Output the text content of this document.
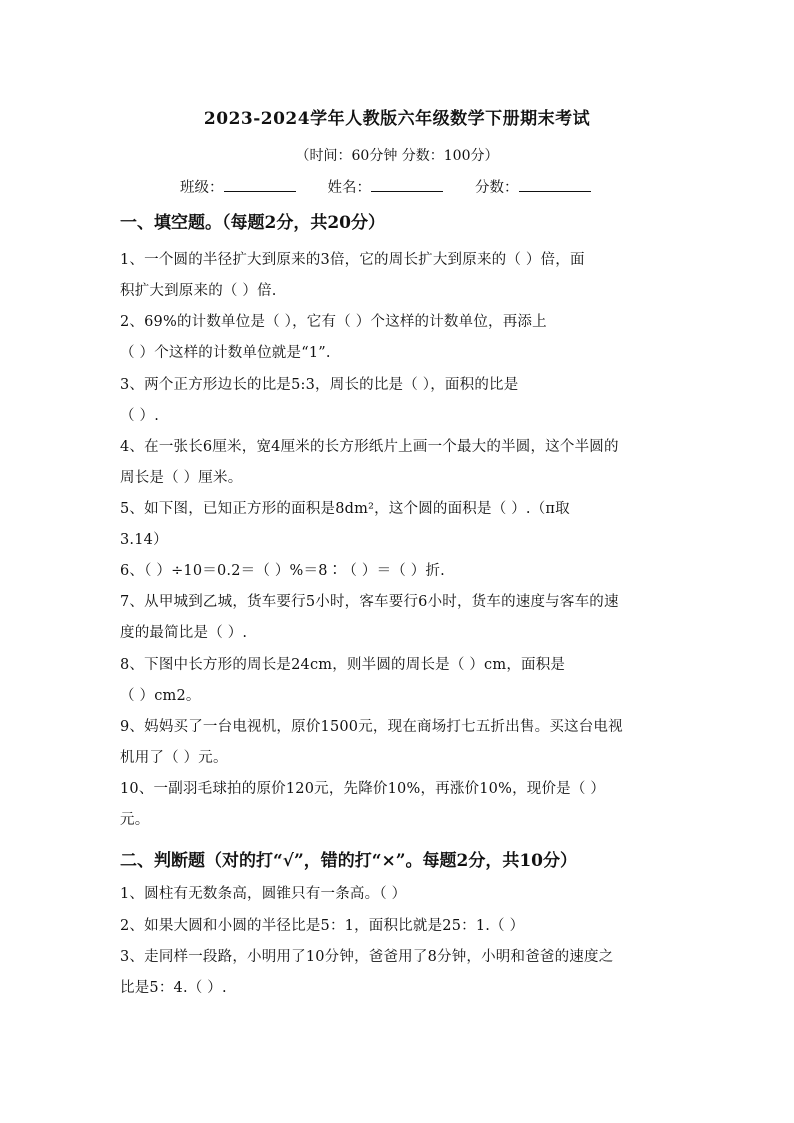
2023-2024学年人教版六年级数学下册期末考试
（时间：60分钟 分数：100分）
班级：	姓名：	分数：
一、填空题。（每题2分，共20分）
1、一个圆的半径扩大到原来的3倍，它的周长扩大到原来的（ ）倍，面
积扩大到原来的（ ）倍.
2、69%的计数单位是（ ），它有（ ）个这样的计数单位，再添上
（ ）个这样的计数单位就是“1”.
3、两个正方形边长的比是5:3，周长的比是（ ），面积的比是
（ ）.
4、在一张长6厘米，宽4厘米的长方形纸片上画一个最大的半圆，这个半圆的
周长是（ ）厘米。
5、如下图，已知正方形的面积是8dm²，这个圆的面积是（ ）.（π取
3.14）
6、（ ）÷10＝0.2＝（ ）%＝8∶（ ）＝（ ）折.
7、从甲城到乙城，货车要行5小时，客车要行6小时，货车的速度与客车的速
度的最简比是（ ）.
8、下图中长方形的周长是24cm，则半圆的周长是（ ）cm，面积是
（ ）cm2。
9、妈妈买了一台电视机，原价1500元，现在商场打七五折出售。买这台电视
机用了（ ）元。
10、一副羽毛球拍的原价120元，先降价10%，再涨价10%，现价是（ ）
元。
二、判断题（对的打“√”，错的打“×”。每题2分，共10分）
1、圆柱有无数条高，圆锥只有一条高。（ ）
2、如果大圆和小圆的半径比是5：1，面积比就是25：1.（ ）
3、走同样一段路，小明用了10分钟，爸爸用了8分钟，小明和爸爸的速度之
比是5：4.（ ）.
